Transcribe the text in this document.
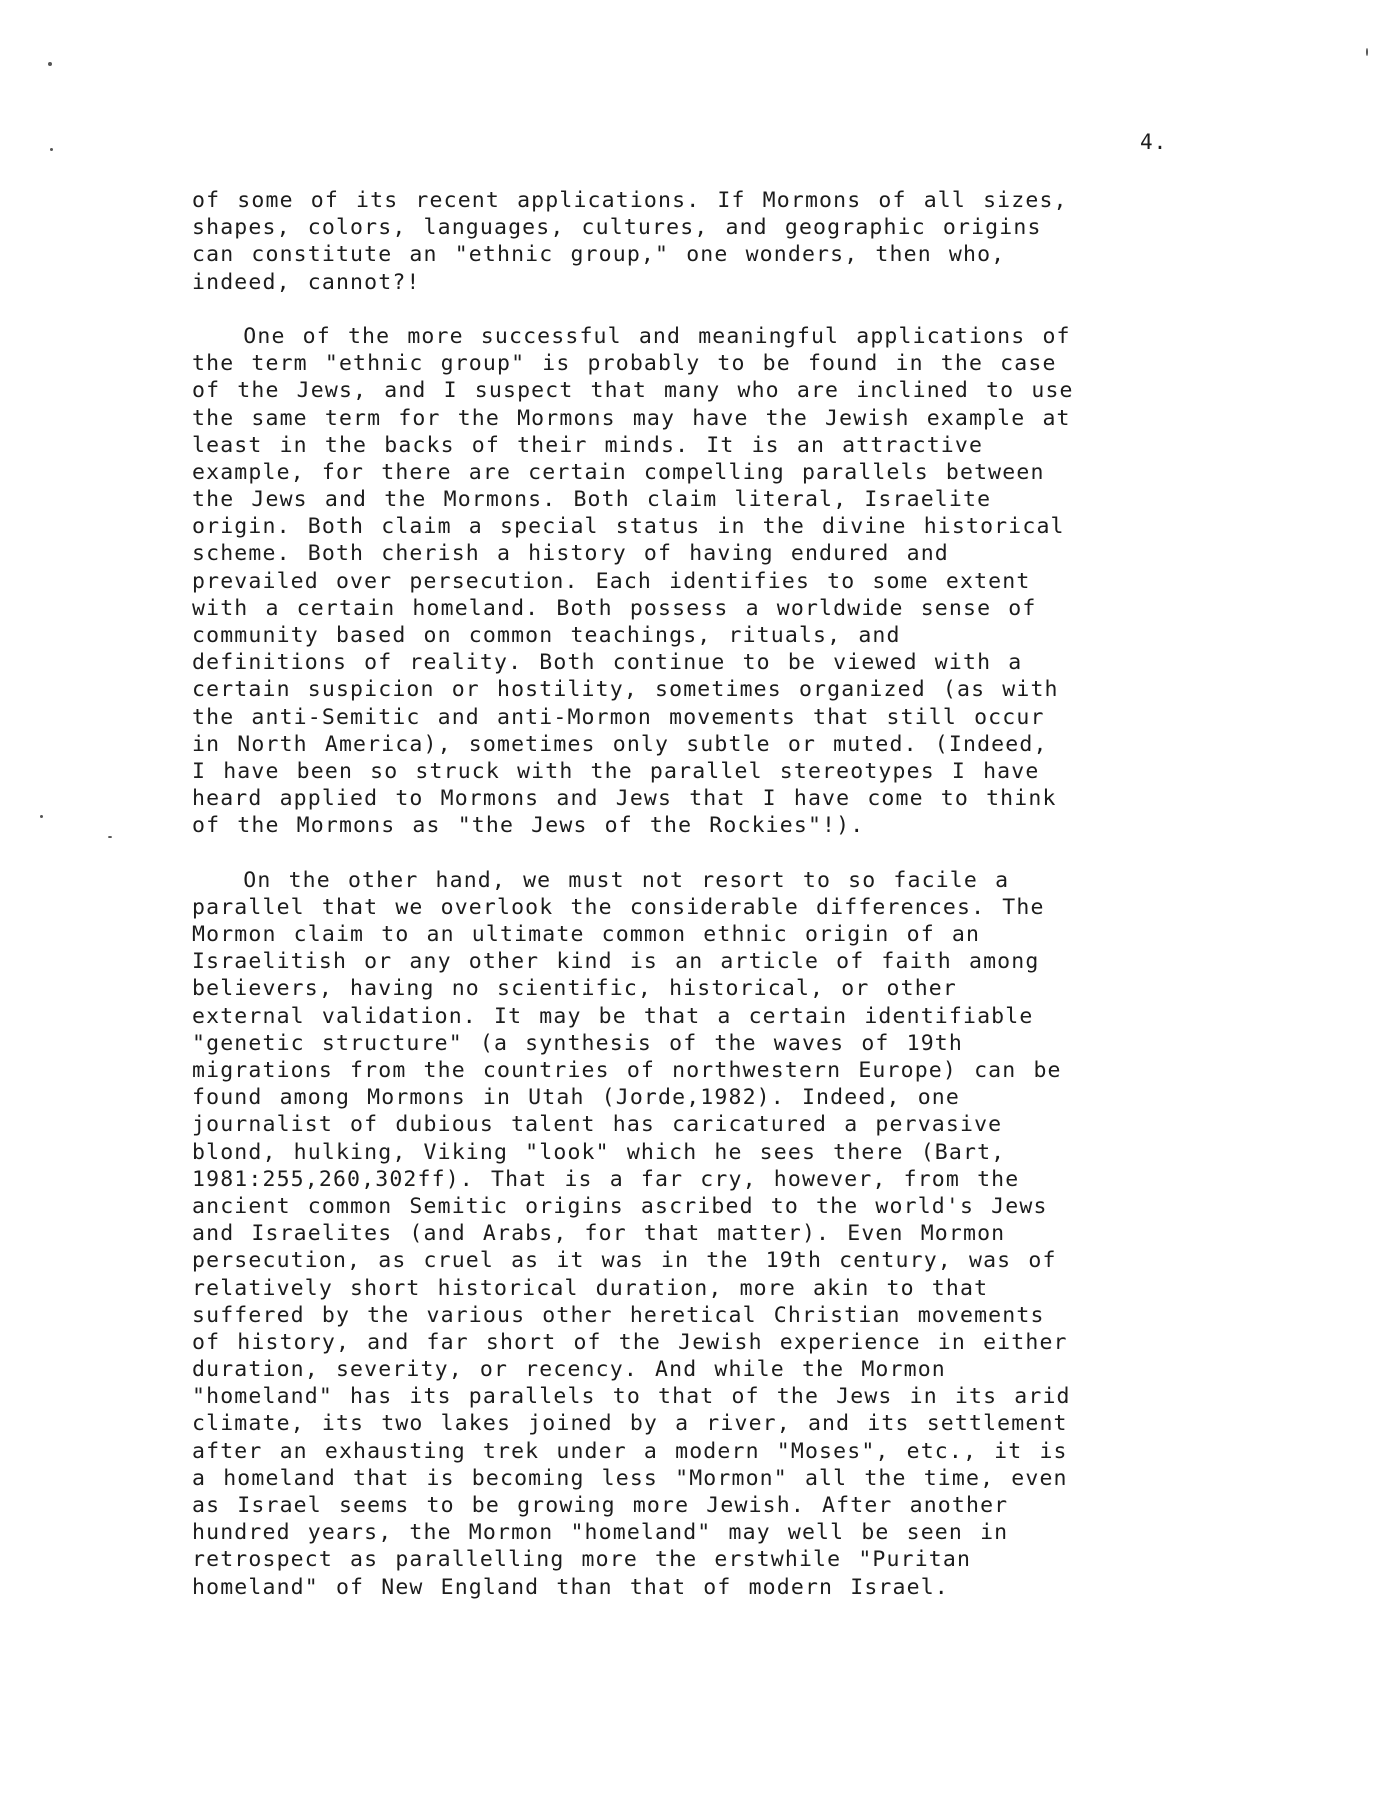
4.
of some of its recent applications. If Mormons of all sizes,
shapes, colors, languages, cultures, and geographic origins
can constitute an "ethnic group," one wonders, then who,
indeed, cannot?!
One of the more successful and meaningful applications of
the term "ethnic group" is probably to be found in the case
of the Jews, and I suspect that many who are inclined to use
the same term for the Mormons may have the Jewish example at
least in the backs of their minds. It is an attractive
example, for there are certain compelling parallels between
the Jews and the Mormons. Both claim literal, Israelite
origin. Both claim a special status in the divine historical
scheme. Both cherish a history of having endured and
prevailed over persecution. Each identifies to some extent
with a certain homeland. Both possess a worldwide sense of
community based on common teachings, rituals, and
definitions of reality. Both continue to be viewed with a
certain suspicion or hostility, sometimes organized (as with
the anti-Semitic and anti-Mormon movements that still occur
in North America), sometimes only subtle or muted. (Indeed,
I have been so struck with the parallel stereotypes I have
heard applied to Mormons and Jews that I have come to think
of the Mormons as "the Jews of the Rockies"!).
On the other hand, we must not resort to so facile a
parallel that we overlook the considerable differences. The
Mormon claim to an ultimate common ethnic origin of an
Israelitish or any other kind is an article of faith among
believers, having no scientific, historical, or other
external validation. It may be that a certain identifiable
"genetic structure" (a synthesis of the waves of 19th
migrations from the countries of northwestern Europe) can be
found among Mormons in Utah (Jorde,1982). Indeed, one
journalist of dubious talent has caricatured a pervasive
blond, hulking, Viking "look" which he sees there (Bart,
1981:255,260,302ff). That is a far cry, however, from the
ancient common Semitic origins ascribed to the world's Jews
and Israelites (and Arabs, for that matter). Even Mormon
persecution, as cruel as it was in the 19th century, was of
relatively short historical duration, more akin to that
suffered by the various other heretical Christian movements
of history, and far short of the Jewish experience in either
duration, severity, or recency. And while the Mormon
"homeland" has its parallels to that of the Jews in its arid
climate, its two lakes joined by a river, and its settlement
after an exhausting trek under a modern "Moses", etc., it is
a homeland that is becoming less "Mormon" all the time, even
as Israel seems to be growing more Jewish. After another
hundred years, the Mormon "homeland" may well be seen in
retrospect as parallelling more the erstwhile "Puritan
homeland" of New England than that of modern Israel.
